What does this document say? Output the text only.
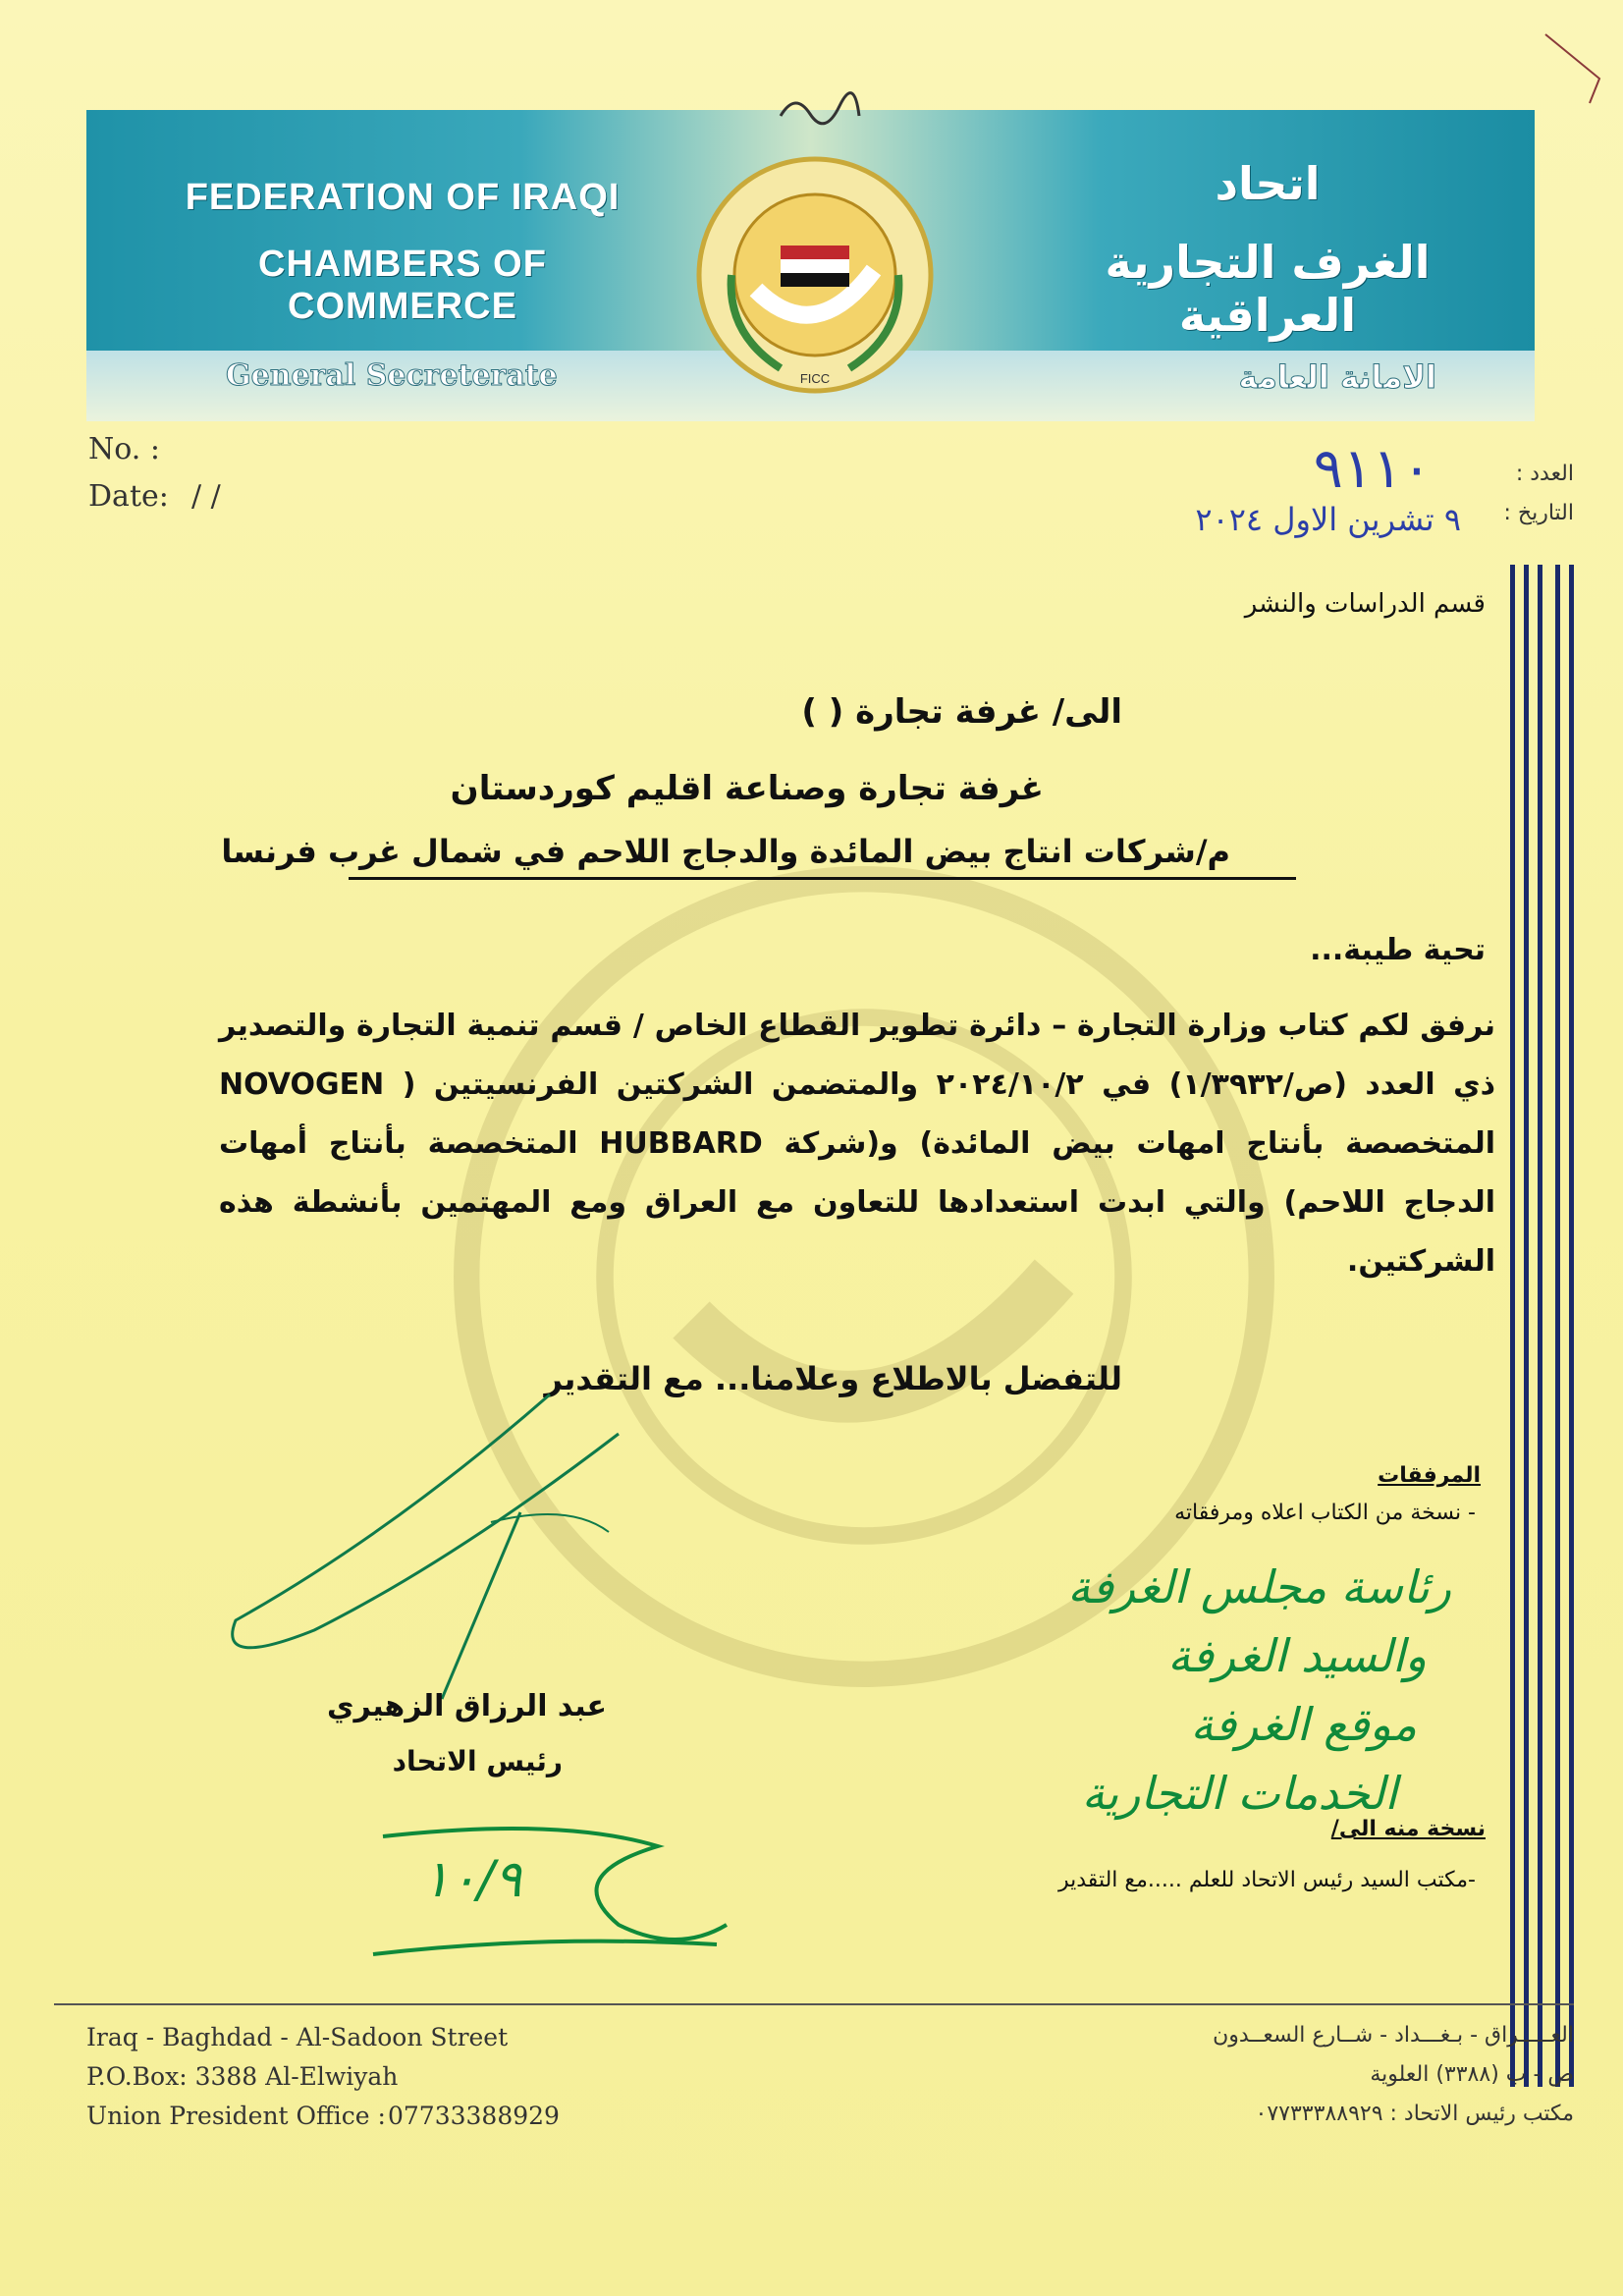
FEDERATION OF IRAQI
CHAMBERS OF COMMERCE
اتحاد
الغرف التجارية العراقية
General Secreterate	الامانة العامة
FICC
No. :
Date: / /
العدد :
التاريخ :
٩١١٠
٩ تشرين الاول ٢٠٢٤
قسم الدراسات والنشر
الى/ غرفة تجارة ( )
غرفة تجارة وصناعة اقليم كوردستان
م/شركات انتاج بيض المائدة والدجاج اللاحم في شمال غرب فرنسا
تحية طيبة...
نرفق لكم كتاب وزارة التجارة – دائرة تطوير القطاع الخاص / قسم تنمية التجارة والتصدير ذي العدد (ص/١/٣٩٣٢) في ٢٠٢٤/١٠/٢ والمتضمن الشركتين الفرنسيتين ( NOVOGEN المتخصصة بأنتاج امهات بيض المائدة) و(شركة HUBBARD المتخصصة بأنتاج أمهات الدجاج اللاحم) والتي ابدت استعدادها للتعاون مع العراق ومع المهتمين بأنشطة هذه الشركتين.
للتفضل بالاطلاع وعلامنا... مع التقدير
المرفقات
- نسخة من الكتاب اعلاه ومرفقاته
عبد الرزاق الزهيري
رئيس الاتحاد
رئاسة مجلس الغرفة
والسيد الغرفة
موقع الغرفة
الخدمات التجارية
نسخة منه الى/
-مكتب السيد رئيس الاتحاد للعلم .....مع التقدير
١٠/٩
Iraq - Baghdad - Al-Sadoon Street
P.O.Box: 3388 Al-Elwiyah
Union President Office : 07733388929
العـــــراق - بـغـــداد - شــارع السعــدون
ص - ب (٣٣٨٨) العلوية
مكتب رئيس الاتحاد : ٠٧٧٣٣٣٨٨٩٢٩
